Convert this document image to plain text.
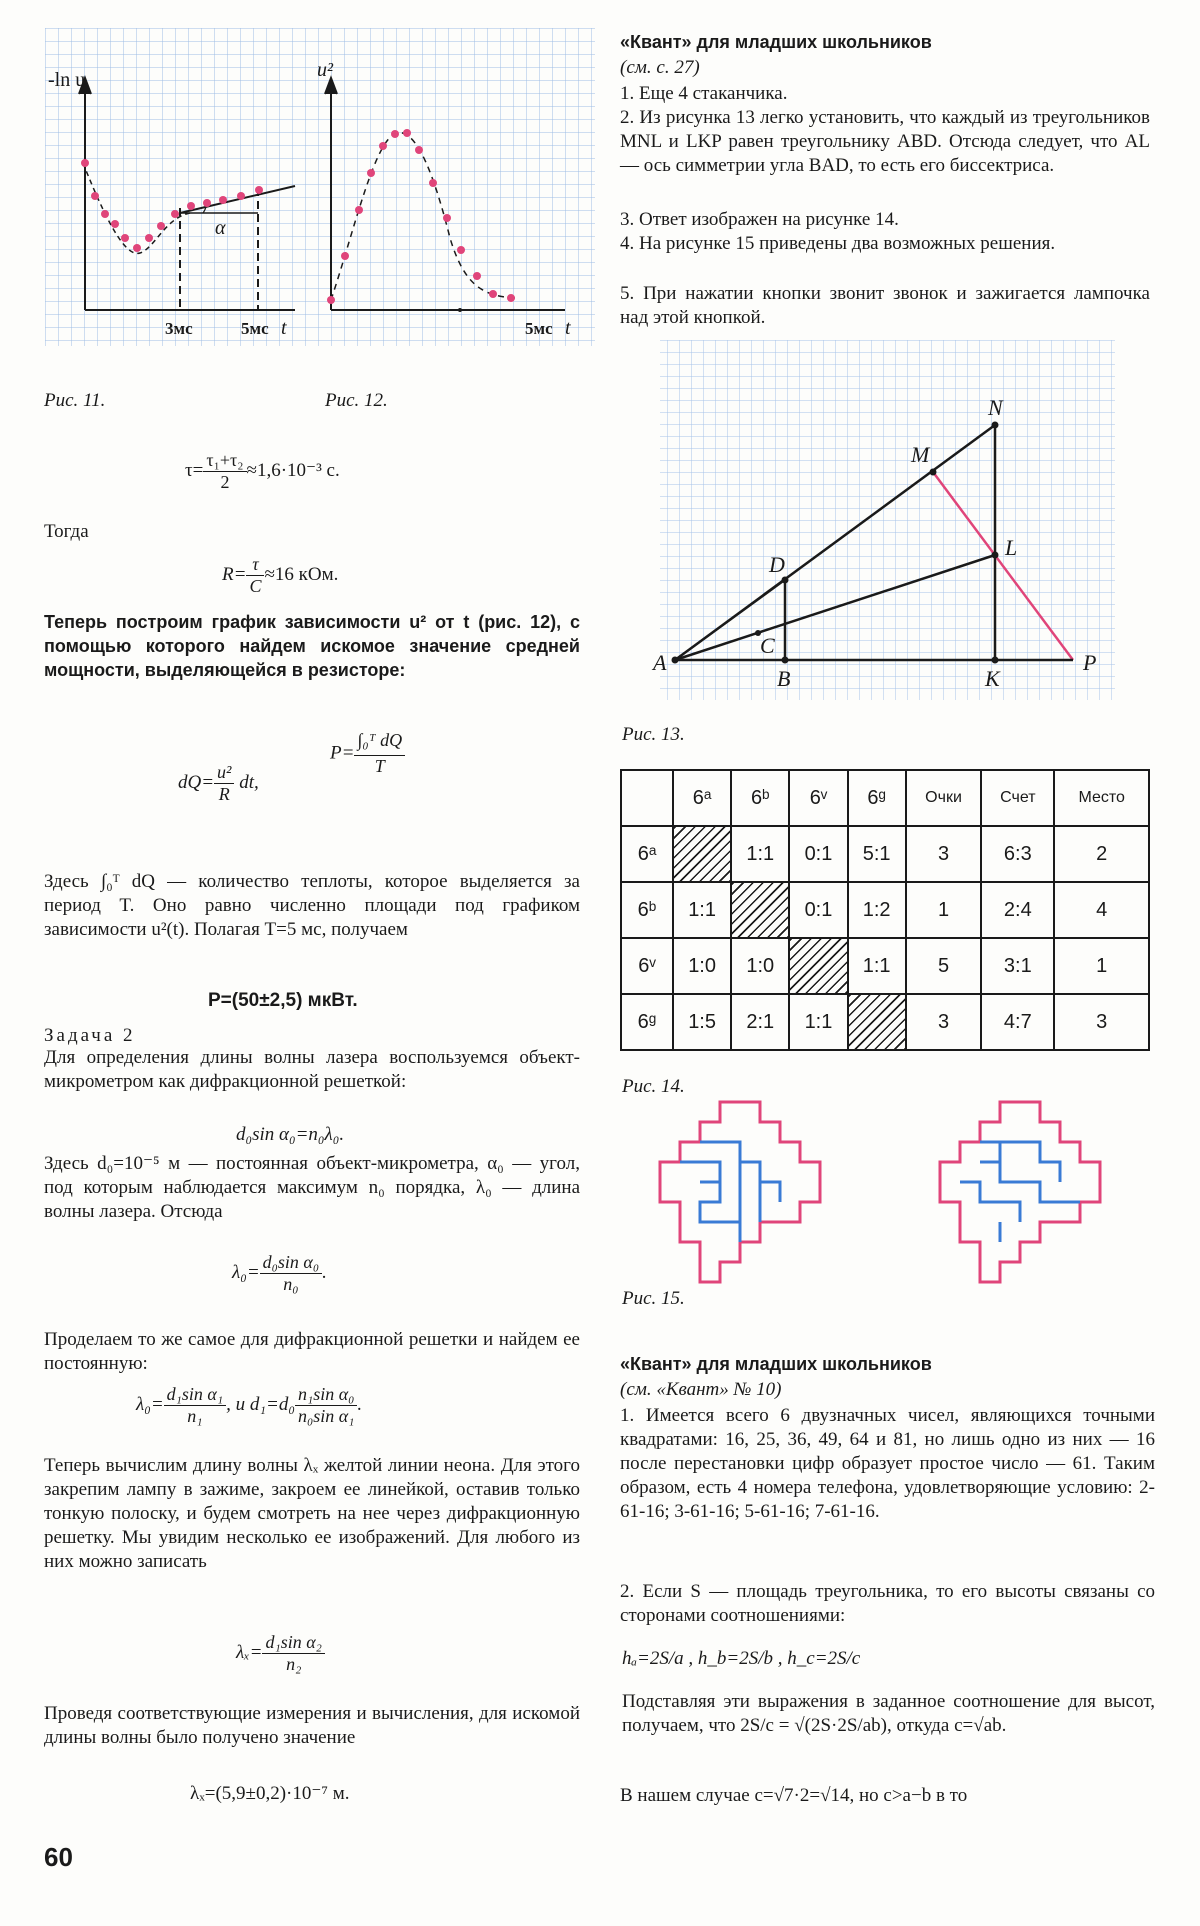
-ln u
3мс	5мс t
α
u²
5мс t
Рис. 11.	Рис. 12.
$\tau= \frac{\text{τ₁+τ₂}}{2} \approx 1,6\cdot 10^{-3}$ с.

Тогда

$R= \frac{\tau}{C} \approx 16$ кОм.

Теперь построим график зависимости u² от t (рис. 12), с помощью которого найдем искомое значение средней мощности, выделяющейся в резисторе:

$dQ= \frac{\text{u²}}{R}$ dt,
$P= \frac{\text{∫₀ᵀ dQ}}{T}$

Здесь ∫₀ᵀ dQ — количество теплоты, которое выделяется за период T. Оно равно численно площади под графиком зависимости u²(t). Полагая T=5 мс, получаем

P=(50±2,5) мкВт.

Задача 2

Для определения длины волны лазера воспользуемся объект-микрометром как дифракционной решеткой:

d₀sin α₀=n₀λ₀.

Здесь d₀=10⁻⁵ м — постоянная объект-микрометра, α₀ — угол, под которым наблюдается максимум n₀ порядка, λ₀ — длина волны лазера. Отсюда

$\lambda_0= \frac{\text{d₀sin α₀}}{\text{n₀}}$ .

Проделаем то же самое для дифракционной решетки и найдем ее постоянную:

$\lambda_0= \frac{\text{d₁sin α₁}}{\text{n₁}}$ , и $d_1=d_0 \frac{\text{n₁sin α₀}}{\text{n₀sin α₁}}$ .

Теперь вычислим длину волны λₓ желтой линии неона. Для этого закрепим лампу в зажиме, закроем ее линейкой, оставив только тонкую полоску, и будем смотреть на нее через дифракционную решетку. Мы увидим несколько ее изображений. Для любого из них можно записать

$\lambda_x= \frac{\text{d₁sin α₂}}{\text{n₂}}$

Проведя соответствующие измерения и вычисления, для искомой длины волны было получено значение

λₓ=(5,9±0,2)·10⁻⁷ м.
60

«Квант» для младших школьников

(см. с. 27)

1. Еще 4 стаканчика.

2. Из рисунка 13 легко установить, что каждый из треугольников MNL и LKP равен треугольнику ABD. Отсюда следует, что AL — ось симметрии угла BAD, то есть его биссектриса.

3. Ответ изображен на рисунке 14.

4. На рисунке 15 приведены два возможных решения.

5. При нажатии кнопки звонит звонок и зажигается лампочка над этой кнопкой.

A
B
C
D
K
L
M
N
P
Рис. 13.
	6ᵃ	6ᵇ	6ᵛ	6ᵍ	Очки	Счет	Место
6ᵃ		1:1	0:1	5:1	3	6:3	2
6ᵇ	1:1		0:1	1:2	1	2:4	4
6ᵛ	1:0	1:0		1:1	5	3:1	1
6ᵍ	1:5	2:1	1:1		3	4:7	3
Рис. 14.
Рис. 15.

«Квант» для младших школьников

(см. «Квант» № 10)

1. Имеется всего 6 двузначных чисел, являющихся точными квадратами: 16, 25, 36, 49, 64 и 81, но лишь одно из них — 16 после перестановки цифр образует простое число — 61. Таким образом, есть 4 номера телефона, удовлетворяющие условию: 2-61-16; 3-61-16; 5-61-16; 7-61-16.

2. Если S — площадь треугольника, то его высоты связаны со сторонами соотношениями:

hₐ=2S/a , h_b=2S/b , h_c=2S/c

Подставляя эти выражения в заданное соотношение для высот, получаем, что 2S/c = √(2S·2S/ab), откуда c=√ab.

В нашем случае c=√7·2=√14, но c>a−b в то
